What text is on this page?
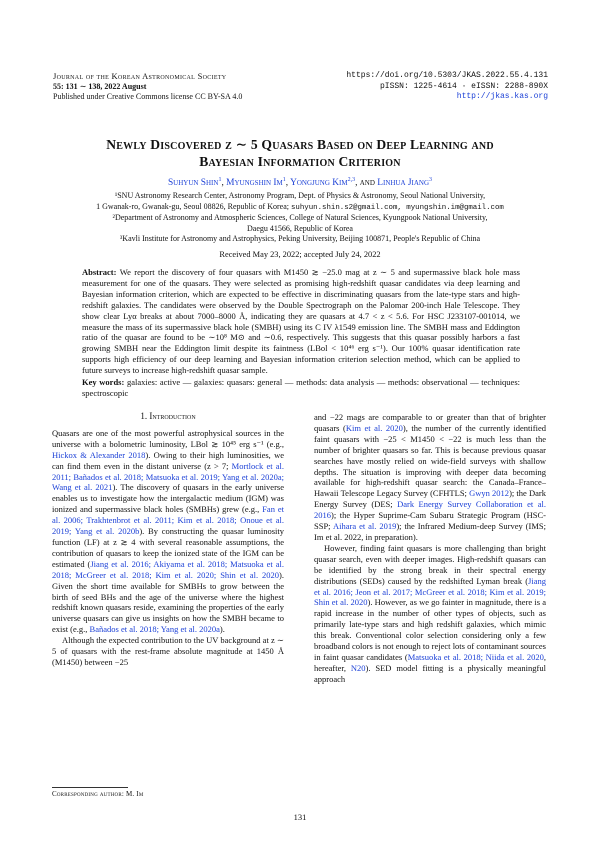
Journal of the Korean Astronomical Society
55: 131 ∼ 138, 2022 August
Published under Creative Commons license CC BY-SA 4.0
https://doi.org/10.5303/JKAS.2022.55.4.131
pISSN: 1225-4614 · eISSN: 2288-890X
http://jkas.kas.org
Newly Discovered z ∼ 5 Quasars Based on Deep Learning and
Bayesian Information Criterion
Suhyun Shin$^1$, Myungshin Im$^1$, Yongjung Kim$^{2,3}$, and Linhua Jiang$^3$
¹SNU Astronomy Research Center, Astronomy Program, Dept. of Physics & Astronomy, Seoul National University,
1 Gwanak-ro, Gwanak-gu, Seoul 08826, Republic of Korea; suhyun.shin.s2@gmail.com, myungshin.im@gmail.com
²Department of Astronomy and Atmospheric Sciences, College of Natural Sciences, Kyungpook National University,
Daegu 41566, Republic of Korea
³Kavli Institute for Astronomy and Astrophysics, Peking University, Beijing 100871, People's Republic of China
Received May 23, 2022; accepted July 24, 2022
Abstract: We report the discovery of four quasars with M1450 ≳ −25.0 mag at z ∼ 5 and supermassive black hole mass measurement for one of the quasars. They were selected as promising high-redshift quasar candidates via deep learning and Bayesian information criterion, which are expected to be effective in discriminating quasars from the late-type stars and high-redshift galaxies. The candidates were observed by the Double Spectrograph on the Palomar 200-inch Hale Telescope. They show clear Lyα breaks at about 7000–8000 Å, indicating they are quasars at 4.7 < z < 5.6. For HSC J233107-001014, we measure the mass of its supermassive black hole (SMBH) using its C IV λ1549 emission line. The SMBH mass and Eddington ratio of the quasar are found to be ∼10⁸ M⊙ and ∼0.6, respectively. This suggests that this quasar possibly harbors a fast growing SMBH near the Eddington limit despite its faintness (LBol < 10⁴⁶ erg s⁻¹). Our 100% quasar identification rate supports high efficiency of our deep learning and Bayesian information criterion selection method, which can be applied to future surveys to increase high-redshift quasar sample.
Key words: galaxies: active — galaxies: quasars: general — methods: data analysis — methods: observational — techniques: spectroscopic
1. Introduction

Quasars are one of the most powerful astrophysical sources in the universe with a bolometric luminosity, LBol ≳ 10⁴⁵ erg s⁻¹ (e.g., Hickox & Alexander 2018). Owing to their high luminosities, we can find them even in the distant universe (z > 7; Mortlock et al. 2011; Bañados et al. 2018; Matsuoka et al. 2019; Yang et al. 2020a; Wang et al. 2021). The discovery of quasars in the early universe enables us to investigate how the intergalactic medium (IGM) was ionized and supermassive black holes (SMBHs) grew (e.g., Fan et al. 2006; Trakhtenbrot et al. 2011; Kim et al. 2018; Onoue et al. 2019; Yang et al. 2020b). By constructing the quasar luminosity function (LF) at z ≳ 4 with several reasonable assumptions, the contribution of quasars to keep the ionized state of the IGM can be estimated (Jiang et al. 2016; Akiyama et al. 2018; Matsuoka et al. 2018; McGreer et al. 2018; Kim et al. 2020; Shin et al. 2020). Given the short time available for SMBHs to grow between the birth of seed BHs and the age of the universe where the highest redshift known quasars reside, examining the properties of the early universe quasars can give us insights on how the SMBH became to exist (e.g., Bañados et al. 2018; Yang et al. 2020a).

Although the expected contribution to the UV background at z ∼ 5 of quasars with the rest-frame absolute magnitude at 1450 Å (M1450) between −25

and −22 mags are comparable to or greater than that of brighter quasars (Kim et al. 2020), the number of the currently identified faint quasars with −25 < M1450 < −22 is much less than the number of brighter quasars so far. This is because previous quasar searches have mostly relied on wide-field surveys with shallow depths. The situation is improving with deeper data becoming available for high-redshift quasar search: the Canada–France–Hawaii Telescope Legacy Survey (CFHTLS; Gwyn 2012); the Dark Energy Survey (DES; Dark Energy Survey Collaboration et al. 2016); the Hyper Suprime-Cam Subaru Strategic Program (HSC-SSP; Aihara et al. 2019); the Infrared Medium-deep Survey (IMS; Im et al. 2022, in preparation).

However, finding faint quasars is more challenging than bright quasar search, even with deeper images. High-redshift quasars can be identified by the strong break in their spectral energy distributions (SEDs) caused by the redshifted Lyman break (Jiang et al. 2016; Jeon et al. 2017; McGreer et al. 2018; Kim et al. 2019; Shin et al. 2020). However, as we go fainter in magnitude, there is a rapid increase in the number of other types of objects, such as primarily late-type stars and high redshift galaxies, which mimic this break. Conventional color selection considering only a few broadband colors is not enough to reject lots of contaminant sources in faint quasar candidates (Matsuoka et al. 2018; Niida et al. 2020, hereafter, N20). SED model fitting is a physically meaningful approach

Corresponding author: M. Im
131
